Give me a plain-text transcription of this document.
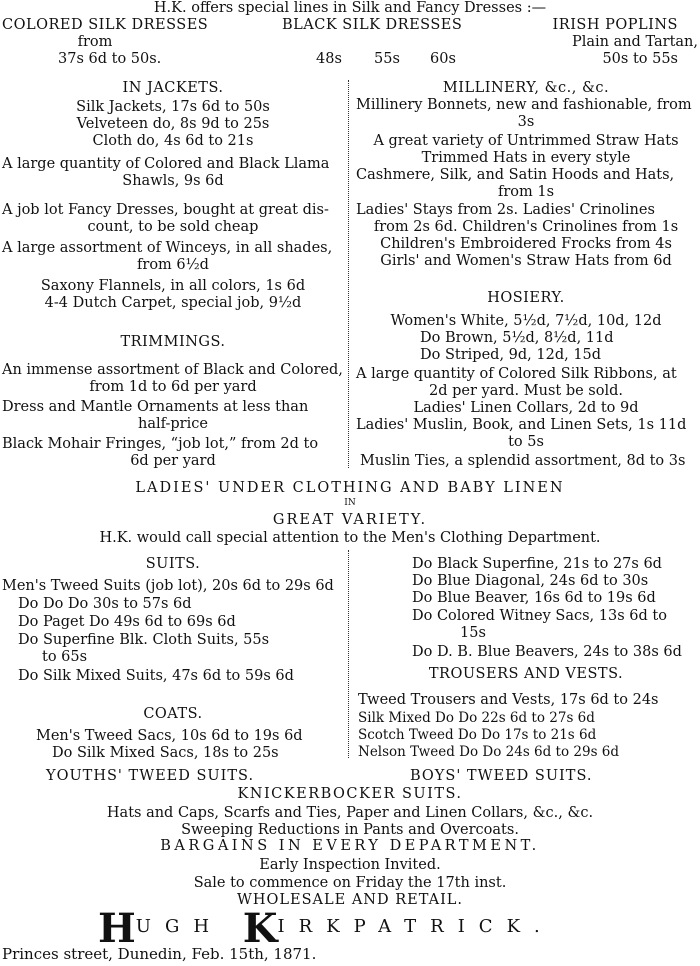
H.K. offers special lines in Silk and Fancy Dresses :—
COLORED SILK DRESSES
from
37s 6d to 50s.
BLACK SILK DRESSES
48s 55s 60s
IRISH POPLINS
Plain and Tartan,
50s to 55s
IN JACKETS.
Silk Jackets, 17s 6d to 50s
Velveteen do, 8s 9d to 25s
Cloth do, 4s 6d to 21s
A large quantity of Colored and Black Llama
Shawls, 9s 6d
A job lot Fancy Dresses, bought at great dis-
count, to be sold cheap
A large assortment of Winceys, in all shades,
from 6½d
Saxony Flannels, in all colors, 1s 6d
4-4 Dutch Carpet, special job, 9½d
TRIMMINGS.
An immense assortment of Black and Colored,
from 1d to 6d per yard
Dress and Mantle Ornaments at less than
half-price
Black Mohair Fringes, “job lot,” from 2d to
6d per yard
MILLINERY, &c., &c.
Millinery Bonnets, new and fashionable, from
3s
A great variety of Untrimmed Straw Hats
Trimmed Hats in every style
Cashmere, Silk, and Satin Hoods and Hats,
from 1s
Ladies' Stays from 2s. Ladies' Crinolines
from 2s 6d. Children's Crinolines from 1s
Children's Embroidered Frocks from 4s
Girls' and Women's Straw Hats from 6d
HOSIERY.
Women's White, 5½d, 7½d, 10d, 12d
Do Brown, 5½d, 8½d, 11d
Do Striped, 9d, 12d, 15d
A large quantity of Colored Silk Ribbons, at
2d per yard. Must be sold.
Ladies' Linen Collars, 2d to 9d
Ladies' Muslin, Book, and Linen Sets, 1s 11d
to 5s
Muslin Ties, a splendid assortment, 8d to 3s
LADIES' UNDER CLOTHING AND BABY LINEN
IN
GREAT VARIETY.
H.K. would call special attention to the Men's Clothing Department.
SUITS.
Men's Tweed Suits (job lot), 20s 6d to 29s 6d
Do Do Do 30s to 57s 6d
Do Paget Do 49s 6d to 69s 6d
Do Superfine Blk. Cloth Suits, 55s
to 65s
Do Silk Mixed Suits, 47s 6d to 59s 6d
COATS.
Men's Tweed Sacs, 10s 6d to 19s 6d
Do Silk Mixed Sacs, 18s to 25s
Do Black Superfine, 21s to 27s 6d
Do Blue Diagonal, 24s 6d to 30s
Do Blue Beaver, 16s 6d to 19s 6d
Do Colored Witney Sacs, 13s 6d to
15s
Do D. B. Blue Beavers, 24s to 38s 6d
TROUSERS AND VESTS.
Tweed Trousers and Vests, 17s 6d to 24s
Silk Mixed Do Do 22s 6d to 27s 6d
Scotch Tweed Do Do 17s to 21s 6d
Nelson Tweed Do Do 24s 6d to 29s 6d
YOUTHS' TWEED SUITS.	BOYS' TWEED SUITS.
KNICKERBOCKER SUITS.
Hats and Caps, Scarfs and Ties, Paper and Linen Collars, &c., &c.
Sweeping Reductions in Pants and Overcoats.
BARGAINS IN EVERY DEPARTMENT.
Early Inspection Invited.
Sale to commence on Friday the 17th inst.
WHOLESALE AND RETAIL.
HUGH KIRKPATRICK.
Princes street, Dunedin, Feb. 15th, 1871.
